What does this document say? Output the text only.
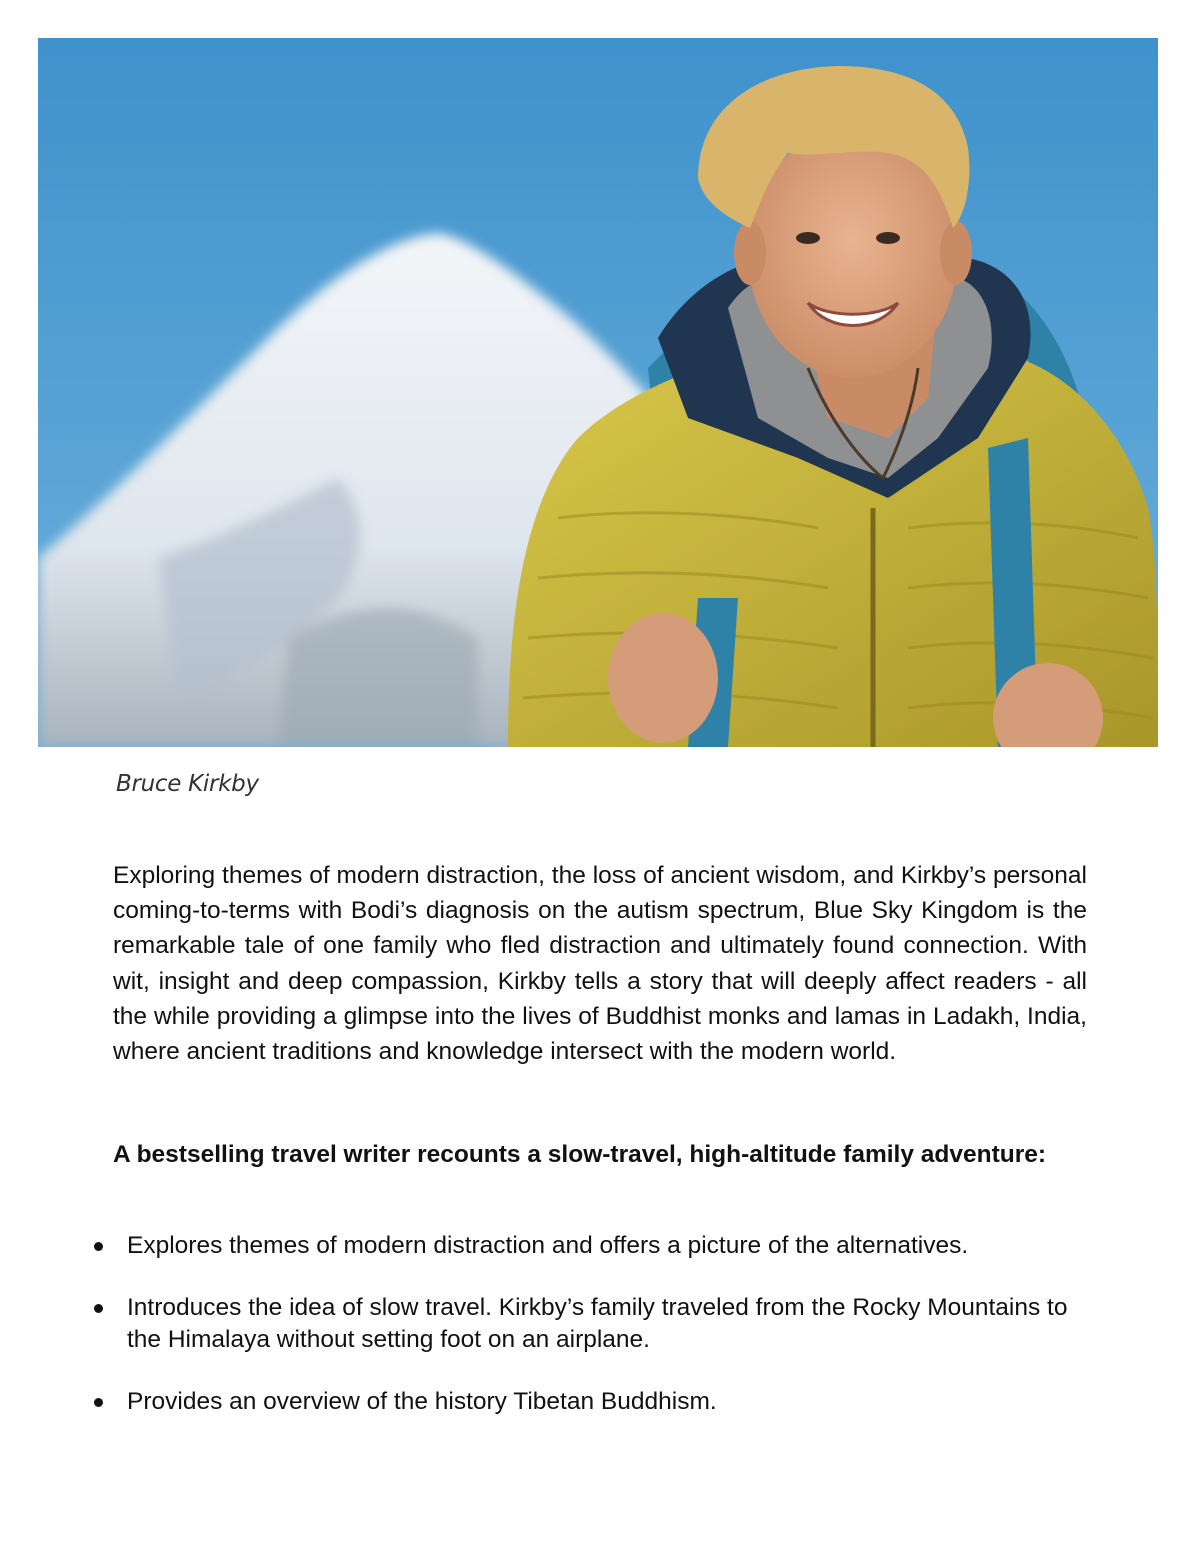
Bruce Kirkby

Exploring themes of modern distraction, the loss of ancient wisdom, and Kirkby’s personal coming-to-terms with Bodi’s diagnosis on the autism spectrum, Blue Sky Kingdom is the remarkable tale of one family who fled distraction and ultimately found connection. With wit, insight and deep compassion, Kirkby tells a story that will deeply affect readers - all the while providing a glimpse into the lives of Buddhist monks and lamas in Ladakh, India, where ancient traditions and knowledge intersect with the modern world.

A bestselling travel writer recounts a slow-travel, high-altitude family adventure:

Explores themes of modern distraction and offers a picture of the alternatives.
Introduces the idea of slow travel. Kirkby’s family traveled from the Rocky Mountains to the Himalaya without setting foot on an airplane.
Provides an overview of the history Tibetan Buddhism.
